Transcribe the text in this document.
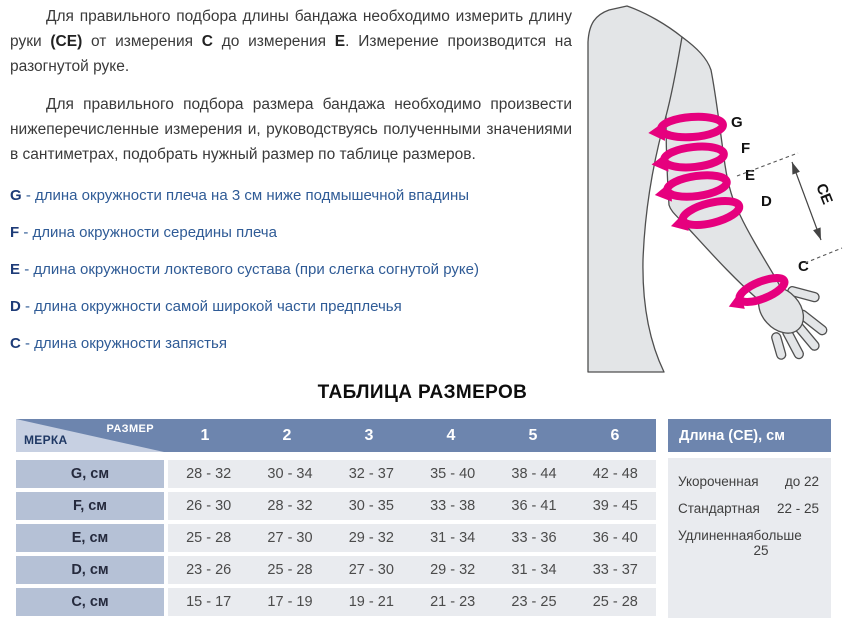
Для правильного подбора длины бандажа необходимо измерить длину руки (CE) от измерения C до измерения E. Измерение производится на разогнутой руке.

Для правильного подбора размера бандажа необходимо произвести нижеперечисленные измерения и, руководствуясь полученными значениями в сантиметрах, подобрать нужный размер по таблице размеров.

G - длина окружности плеча на 3 см ниже подмышечной впадины
F - длина окружности середины плеча
E - длина окружности локтевого сустава (при слегка согнутой руке)
D - длина окружности самой широкой части предплечья
C - длина окружности запястья
G
F
E
D
C
CE
ТАБЛИЦА РАЗМЕРОВ
РАЗМЕР
МЕРКА	1	2	3	4	5	6
G, см	28 - 32	30 - 34	32 - 37	35 - 40	38 - 44	42 - 48
F, см	26 - 30	28 - 32	30 - 35	33 - 38	36 - 41	39 - 45
E, см	25 - 28	27 - 30	29 - 32	31 - 34	33 - 36	36 - 40
D, см	23 - 26	25 - 28	27 - 30	29 - 32	31 - 34	33 - 37
C, см	15 - 17	17 - 19	19 - 21	21 - 23	23 - 25	25 - 28
Длина (CE), см
Укороченная до 22
Стандартная 22 - 25
Удлиненная больше 25
